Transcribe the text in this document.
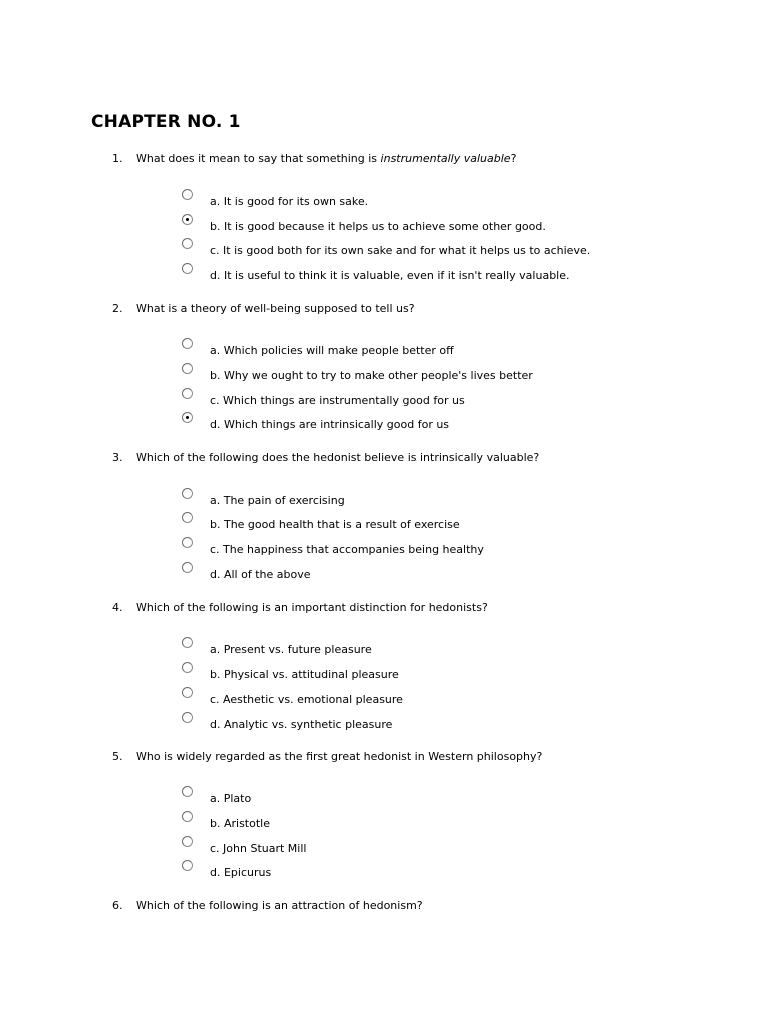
CHAPTER NO. 1
1. What does it mean to say that something is instrumentally valuable?
a. It is good for its own sake.
b. It is good because it helps us to achieve some other good.
c. It is good both for its own sake and for what it helps us to achieve.
d. It is useful to think it is valuable, even if it isn't really valuable.
2. What is a theory of well-being supposed to tell us?
a. Which policies will make people better off
b. Why we ought to try to make other people's lives better
c. Which things are instrumentally good for us
d. Which things are intrinsically good for us
3. Which of the following does the hedonist believe is intrinsically valuable?
a. The pain of exercising
b. The good health that is a result of exercise
c. The happiness that accompanies being healthy
d. All of the above
4. Which of the following is an important distinction for hedonists?
a. Present vs. future pleasure
b. Physical vs. attitudinal pleasure
c. Aesthetic vs. emotional pleasure
d. Analytic vs. synthetic pleasure
5. Who is widely regarded as the first great hedonist in Western philosophy?
a. Plato
b. Aristotle
c. John Stuart Mill
d. Epicurus
6. Which of the following is an attraction of hedonism?
